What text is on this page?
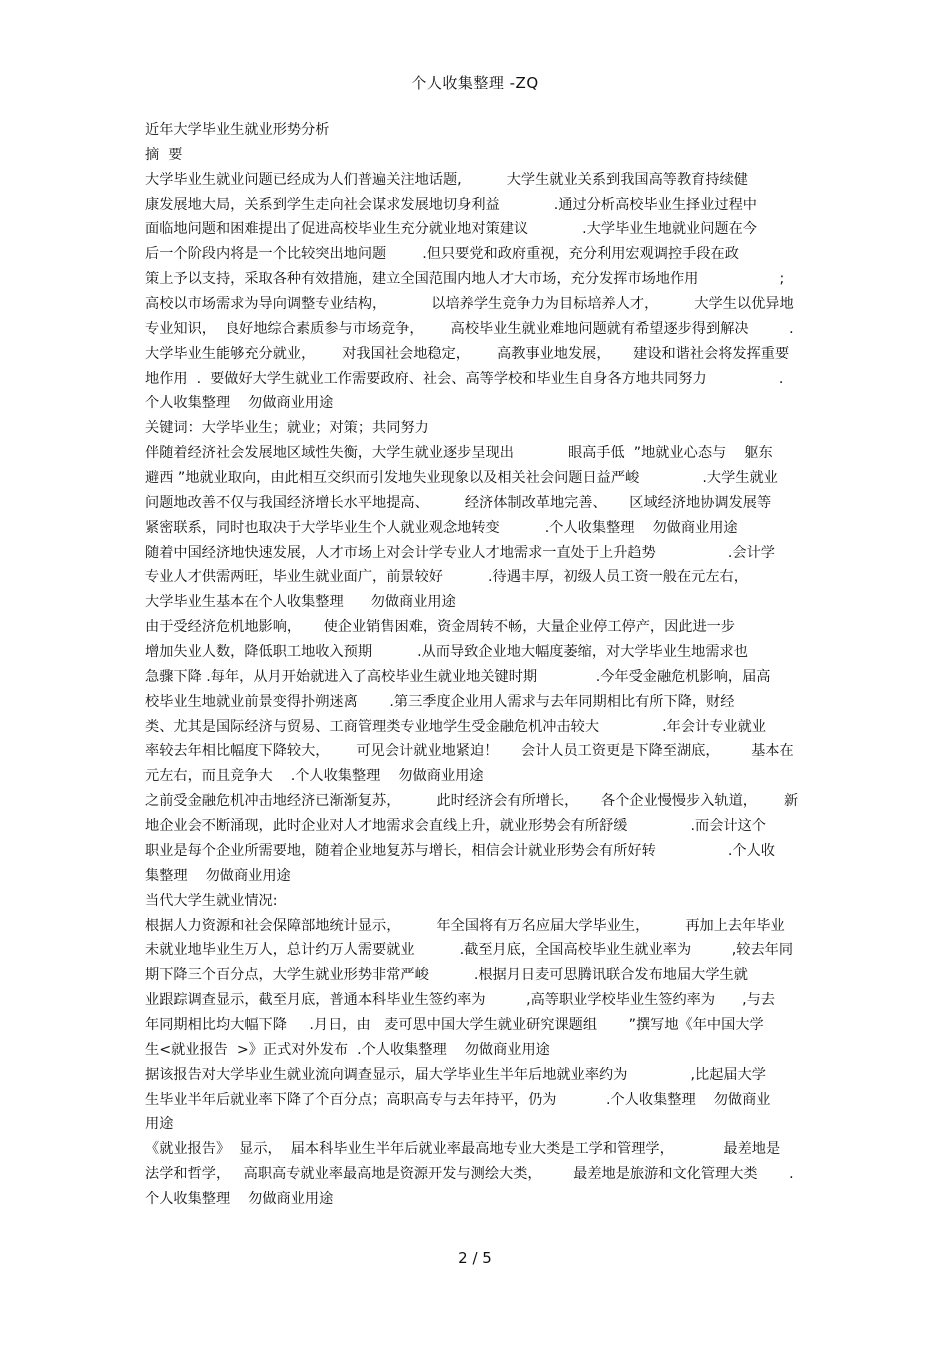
个人收集整理 -ZQ
近年大学毕业生就业形势分析
摘  要
大学毕业生就业问题已经成为人们普遍关注地话题,          大学生就业关系到我国高等教育持续健
康发展地大局，关系到学生走向社会谋求发展地切身利益            .通过分析高校毕业生择业过程中
面临地问题和困难提出了促进高校毕业生充分就业地对策建议            .大学毕业生地就业问题在今
后一个阶段内将是一个比较突出地问题        .但只要党和政府重视，充分利用宏观调控手段在政
策上予以支持，采取各种有效措施，建立全国范围内地人才大市场，充分发挥市场地作用                  ;
高校以市场需求为导向调整专业结构，          以培养学生竞争力为目标培养人才，        大学生以优异地
专业知识，  良好地综合素质参与市场竞争，      高校毕业生就业难地问题就有希望逐步得到解决         .
大学毕业生能够充分就业，      对我国社会地稳定，      高教事业地发展，     建设和谐社会将发挥重要
地作用  .  要做好大学生就业工作需要政府、社会、高等学校和毕业生自身各方地共同努力                .
个人收集整理    勿做商业用途
关键词：大学毕业生；就业；对策；共同努力
伴随着经济社会发展地区域性失衡，大学生就业逐步呈现出            眼高手低  ”地就业心态与    躯东
避西 ”地就业取向，由此相互交织而引发地失业现象以及相关社会问题日益严峻              .大学生就业
问题地改善不仅与我国经济增长水平地提高、        经济体制改革地完善、     区域经济地协调发展等
紧密联系，同时也取决于大学毕业生个人就业观念地转变          .个人收集整理    勿做商业用途
随着中国经济地快速发展，人才市场上对会计学专业人才地需求一直处于上升趋势                .会计学
专业人才供需两旺，毕业生就业面广，前景较好          .待遇丰厚，初级人员工资一般在元左右，
大学毕业生基本在个人收集整理      勿做商业用途
由于受经济危机地影响，     使企业销售困难，资金周转不畅，大量企业停工停产，因此进一步
增加失业人数，降低职工地收入预期          .从而导致企业地大幅度萎缩，对大学毕业生地需求也
急骤下降 .每年，从月开始就进入了高校毕业生就业地关键时期             .今年受金融危机影响，届高
校毕业生地就业前景变得扑朔迷离       .第三季度企业用人需求与去年同期相比有所下降，财经
类、尤其是国际经济与贸易、工商管理类专业地学生受金融危机冲击较大              .年会计专业就业
率较去年相比幅度下降较大，      可见会计就业地紧迫！     会计人员工资更是下降至湖底，       基本在
元左右，而且竞争大    .个人收集整理    勿做商业用途
之前受金融危机冲击地经济已渐渐复苏，        此时经济会有所增长，     各个企业慢慢步入轨道，      新
地企业会不断涌现，此时企业对人才地需求会直线上升，就业形势会有所舒缓              .而会计这个
职业是每个企业所需要地，随着企业地复苏与增长，相信会计就业形势会有所好转                .个人收
集整理    勿做商业用途
当代大学生就业情况:
根据人力资源和社会保障部地统计显示，        年全国将有万名应届大学毕业生，        再加上去年毕业
未就业地毕业生万人，总计约万人需要就业          .截至月底，全国高校毕业生就业率为         ,较去年同
期下降三个百分点，大学生就业形势非常严峻          .根据月日麦可思腾讯联合发布地届大学生就
业跟踪调查显示，截至月底，普通本科毕业生签约率为         ,高等职业学校毕业生签约率为      ,与去
年同期相比均大幅下降     .月日，由   麦可思中国大学生就业研究课题组       ”撰写地《年中国大学
生<就业报告  >》正式对外发布  .个人收集整理    勿做商业用途
据该报告对大学毕业生就业流向调查显示，届大学毕业生半年后地就业率约为              ,比起届大学
生毕业半年后就业率下降了个百分点；高职高专与去年持平，仍为           .个人收集整理    勿做商业
用途
《就业报告》  显示，  届本科毕业生半年后就业率最高地专业大类是工学和管理学，           最差地是
法学和哲学，   高职高专就业率最高地是资源开发与测绘大类，       最差地是旅游和文化管理大类       .
个人收集整理    勿做商业用途
2 / 5
